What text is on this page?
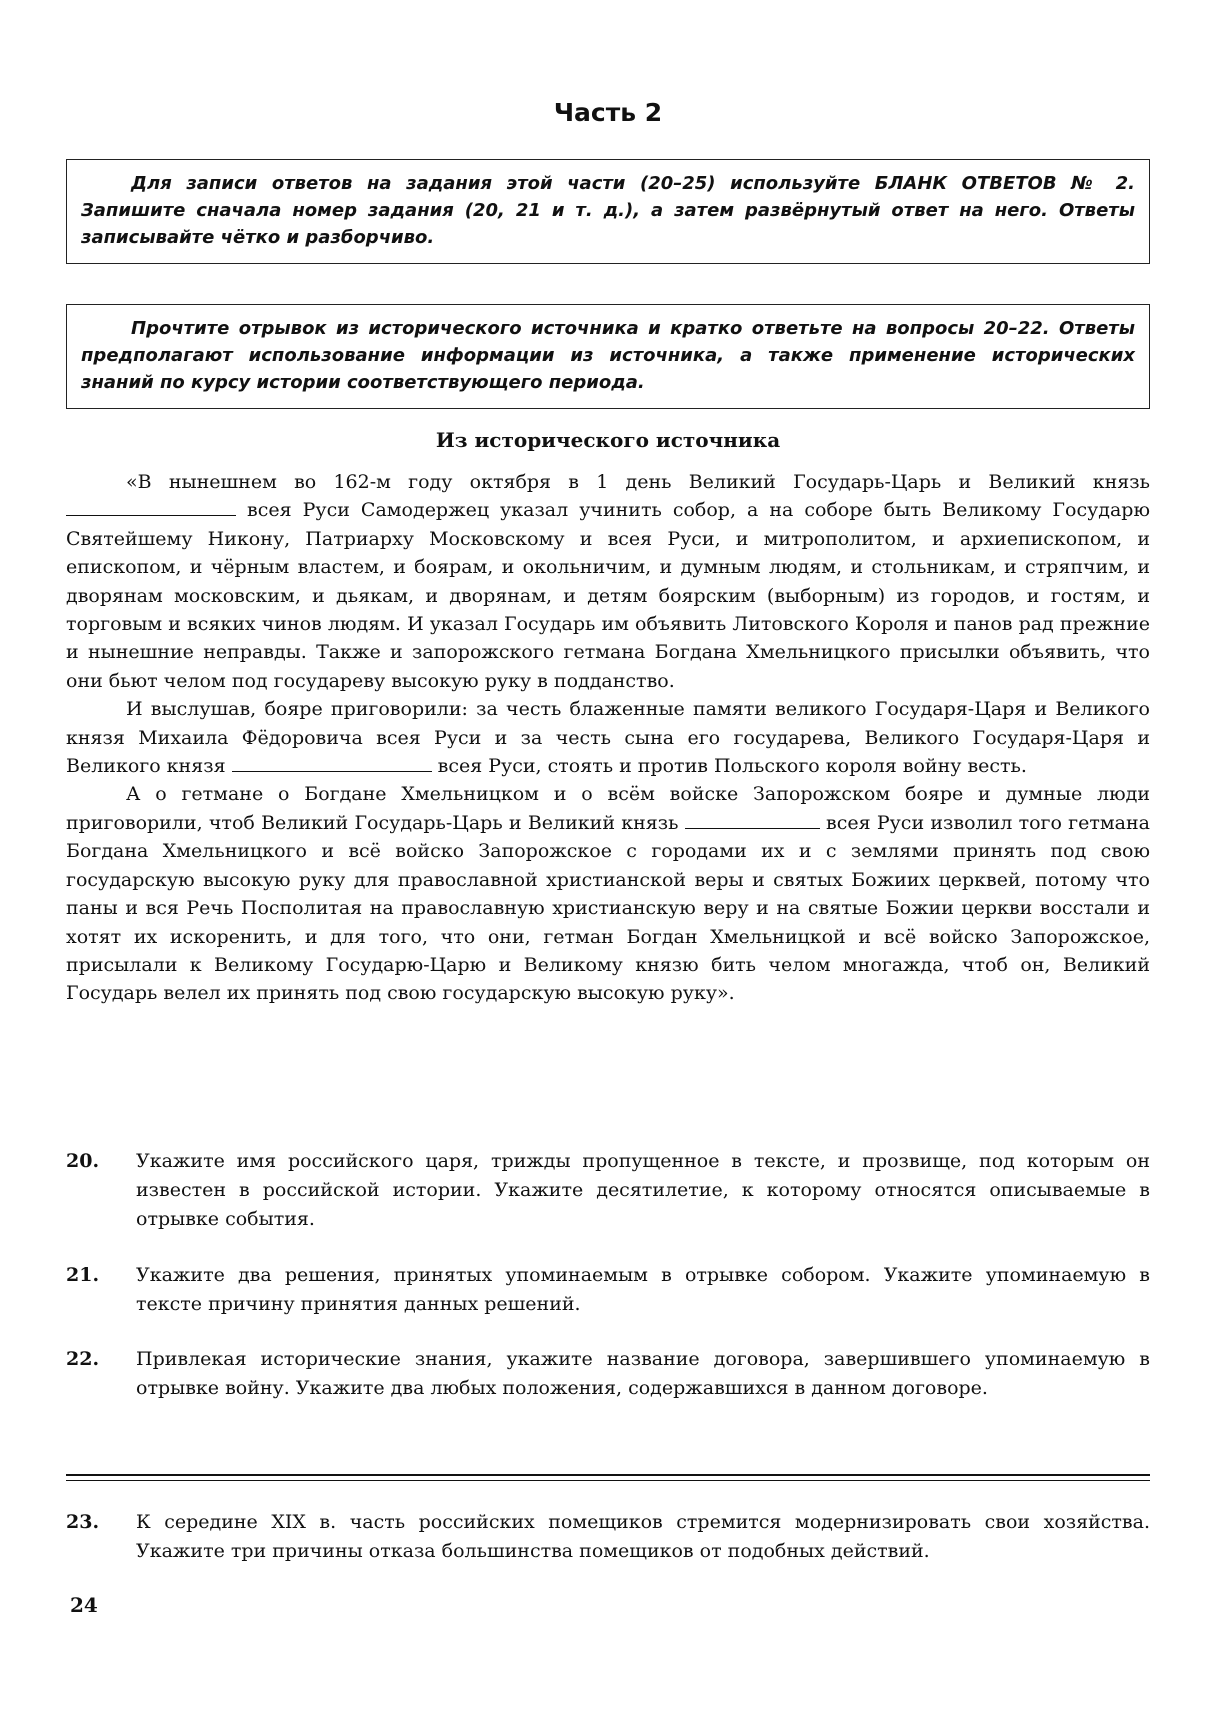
Часть 2
Для записи ответов на задания этой части (20–25) используйте БЛАНК ОТВЕТОВ № 2. Запишите сначала номер задания (20, 21 и т. д.), а затем развёрнутый ответ на него. Ответы записывайте чётко и разборчиво.
Прочтите отрывок из исторического источника и кратко ответьте на вопросы 20–22. Ответы предполагают использование информации из источника, а также применение исторических знаний по курсу истории соответствующего периода.
Из исторического источника

«В нынешнем во 162-м году октября в 1 день Великий Государь-Царь и Великий князь  всея Руси Самодержец указал учинить собор, а на соборе быть Великому Государю Святейшему Никону, Патриарху Московскому и всея Руси, и митрополитом, и архиепископом, и епископом, и чёрным властем, и боярам, и окольничим, и думным людям, и стольникам, и стряпчим, и дворянам московским, и дьякам, и дворянам, и детям боярским (выборным) из городов, и гостям, и торговым и всяких чинов людям. И указал Государь им объявить Литовского Короля и панов рад прежние и нынешние неправды. Также и запорожского гетмана Богдана Хмельницкого присылки объявить, что они бьют челом под государеву высокую руку в подданство.

И выслушав, бояре приговорили: за честь блаженные памяти великого Государя-Царя и Великого князя Михаила Фёдоровича всея Руси и за честь сына его государева, Великого Государя-Царя и Великого князя	всея Руси, стоять и против Польского короля войну весть.

А о гетмане о Богдане Хмельницком и о всём войске Запорожском бояре и думные люди приговорили, чтоб Великий Государь-Царь и Великий князь	всея Руси изволил того гетмана Богдана Хмельницкого и всё войско Запорожское с городами их и с землями принять под свою государскую высокую руку для православной христианской веры и святых Божиих церквей, потому что паны и вся Речь Посполитая на православную христианскую веру и на святые Божии церкви восстали и хотят их искоренить, и для того, что они, гетман Богдан Хмельницкой и всё войско Запорожское, присылали к Великому Государю-Царю и Великому князю бить челом многажда, чтоб он, Великий Государь велел их принять под свою государскую высокую руку».

20. Укажите имя российского царя, трижды пропущенное в тексте, и прозвище, под которым он известен в российской истории. Укажите десятилетие, к которому относятся описываемые в отрывке события.
21. Укажите два решения, принятых упоминаемым в отрывке собором. Укажите упоминаемую в тексте причину принятия данных решений.
22. Привлекая исторические знания, укажите название договора, завершившего упоминаемую в отрывке войну. Укажите два любых положения, содержавшихся в данном договоре.
23. К середине XIX в. часть российских помещиков стремится модернизировать свои хозяйства. Укажите три причины отказа большинства помещиков от подобных действий.
24
